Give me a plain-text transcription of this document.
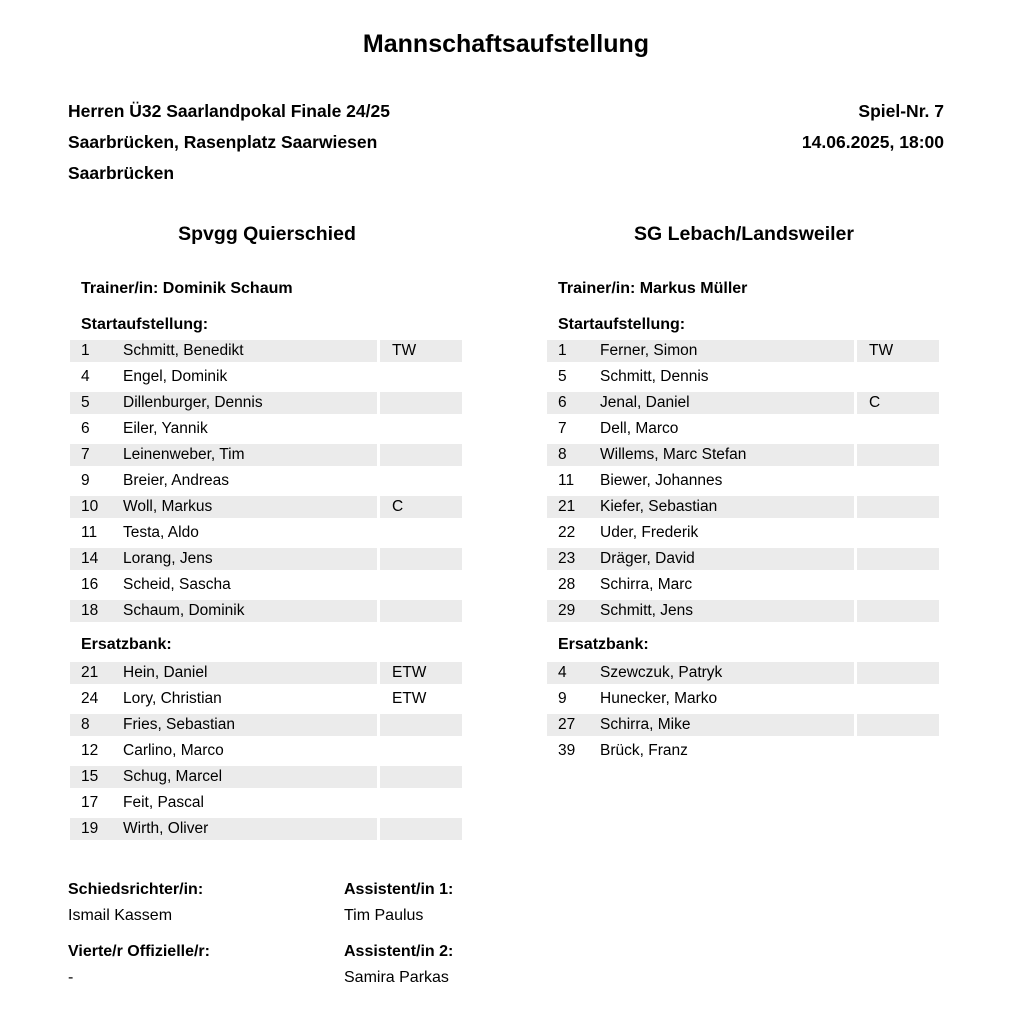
Mannschaftsaufstellung
Herren Ü32 Saarlandpokal Finale 24/25
Saarbrücken, Rasenplatz Saarwiesen
Saarbrücken
Spiel-Nr. 7
14.06.2025, 18:00
Spvgg Quierschied
Trainer/in: Dominik Schaum
Startaufstellung:
1	Schmitt, Benedikt	TW
4	Engel, Dominik
5	Dillenburger, Dennis
6	Eiler, Yannik
7	Leinenweber, Tim
9	Breier, Andreas
10	Woll, Markus	C
11	Testa, Aldo
14	Lorang, Jens
16	Scheid, Sascha
18	Schaum, Dominik
Ersatzbank:
21	Hein, Daniel	ETW
24	Lory, Christian	ETW
8	Fries, Sebastian
12	Carlino, Marco
15	Schug, Marcel
17	Feit, Pascal
19	Wirth, Oliver
SG Lebach/Landsweiler
Trainer/in: Markus Müller
Startaufstellung:
1	Ferner, Simon	TW
5	Schmitt, Dennis
6	Jenal, Daniel	C
7	Dell, Marco
8	Willems, Marc Stefan
11	Biewer, Johannes
21	Kiefer, Sebastian
22	Uder, Frederik
23	Dräger, David
28	Schirra, Marc
29	Schmitt, Jens
Ersatzbank:
4	Szewczuk, Patryk
9	Hunecker, Marko
27	Schirra, Mike
39	Brück, Franz
Schiedsrichter/in:	Assistent/in 1:
Ismail Kassem	Tim Paulus
Vierte/r Offizielle/r:	Assistent/in 2:
-	Samira Parkas
